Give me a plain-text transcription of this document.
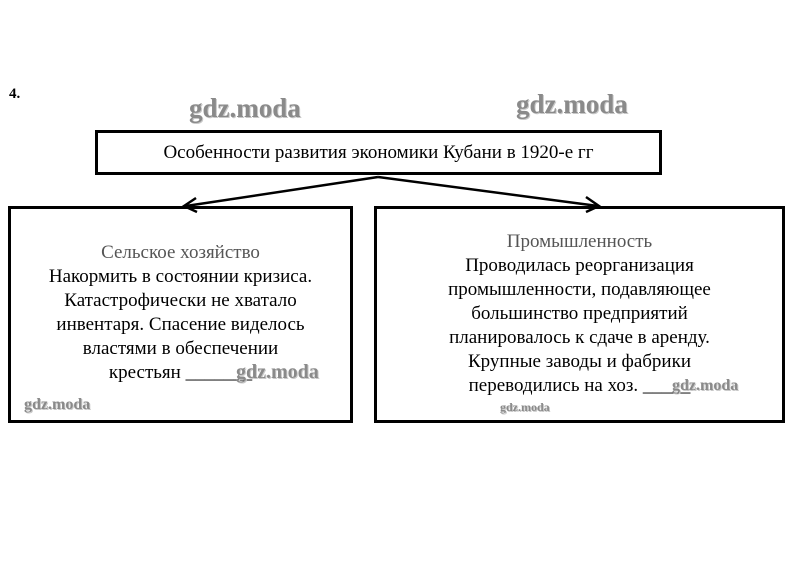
4.	gdz.moda	gdz.moda
Особенности развития экономики Кубани в 1920-е гг
Сельское хозяйство
Накормить в состоянии кризиса.
Катастрофически не хватало
инвентаря. Спасение виделось
властями в обеспечении
крестьян _______
Промышленность
Проводилась реорганизация
промышленности, подавляющее
большинство предприятий
планировалось к сдаче в аренду.
Крупные заводы и фабрики
переводились на хоз. _____
gdz.moda
gdz.moda
gdz.moda
gdz.moda
